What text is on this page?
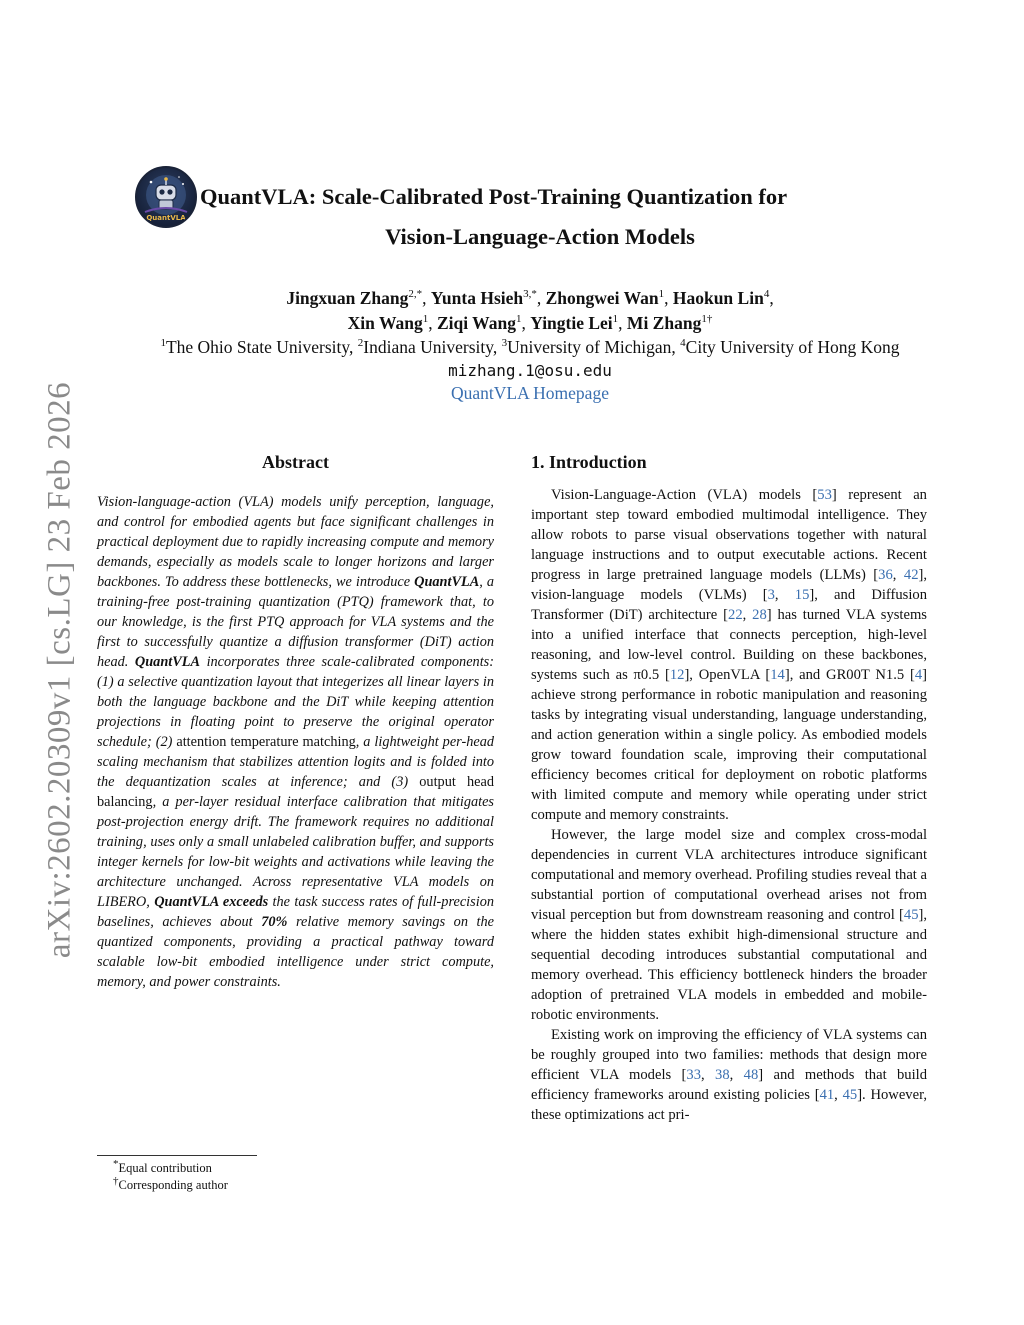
arXiv:2602.20309v1 [cs.LG] 23 Feb 2026
QuantVLA
QuantVLA: Scale-Calibrated Post-Training Quantization for
Vision-Language-Action Models
Jingxuan Zhang$^{2,*}$, Yunta Hsieh$^{3,*}$, Zhongwei Wan$^1$, Haokun Lin$^4$,
Xin Wang$^1$, Ziqi Wang$^1$, Yingtie Lei$^1$, Mi Zhang$^{1\dagger}$
$^1$The Ohio State University, $^2$Indiana University, $^3$University of Michigan, $^4$City University of Hong Kong
mizhang.1@osu.edu
QuantVLA Homepage
Abstract
Vision-language-action (VLA) models unify perception, language, and control for embodied agents but face significant challenges in practical deployment due to rapidly increasing compute and memory demands, especially as models scale to longer horizons and larger backbones. To address these bottlenecks, we introduce QuantVLA, a training-free post-training quantization (PTQ) framework that, to our knowledge, is the first PTQ approach for VLA systems and the first to successfully quantize a diffusion transformer (DiT) action head. QuantVLA incorporates three scale-calibrated components: (1) a selective quantization layout that integerizes all linear layers in both the language backbone and the DiT while keeping attention projections in floating point to preserve the original operator schedule; (2) attention temperature matching, a lightweight per-head scaling mechanism that stabilizes attention logits and is folded into the dequantization scales at inference; and (3) output head balancing, a per-layer residual interface calibration that mitigates post-projection energy drift. The framework requires no additional training, uses only a small unlabeled calibration buffer, and supports integer kernels for low-bit weights and activations while leaving the architecture unchanged. Across representative VLA models on LIBERO, QuantVLA exceeds the task success rates of full-precision baselines, achieves about 70% relative memory savings on the quantized components, providing a practical pathway toward scalable low-bit embodied intelligence under strict compute, memory, and power constraints.
1. Introduction

Vision-Language-Action (VLA) models [53] represent an important step toward embodied multimodal intelligence. They allow robots to parse visual observations together with natural language instructions and to output executable actions. Recent progress in large pretrained language models (LLMs) [36, 42], vision-language models (VLMs) [3, 15], and Diffusion Transformer (DiT) architecture [22, 28] has turned VLA systems into a unified interface that connects perception, high-level reasoning, and low-level control. Building on these backbones, systems such as π0.5 [12], OpenVLA [14], and GR00T N1.5 [4] achieve strong performance in robotic manipulation and reasoning tasks by integrating visual understanding, language understanding, and action generation within a single policy. As embodied models grow toward foundation scale, improving their computational efficiency becomes critical for deployment on robotic platforms with limited compute and memory while operating under strict compute and memory constraints.

However, the large model size and complex cross-modal dependencies in current VLA architectures introduce significant computational and memory overhead. Profiling studies reveal that a substantial portion of computational overhead arises not from visual perception but from downstream reasoning and control [45], where the hidden states exhibit high-dimensional structure and sequential decoding introduces substantial computational and memory overhead. This efficiency bottleneck hinders the broader adoption of pretrained VLA models in embedded and mobile-robotic environments.

Existing work on improving the efficiency of VLA systems can be roughly grouped into two families: methods that design more efficient VLA models [33, 38, 48] and methods that build efficiency frameworks around existing policies [41, 45]. However, these optimizations act pri-

*Equal contribution
†Corresponding author
